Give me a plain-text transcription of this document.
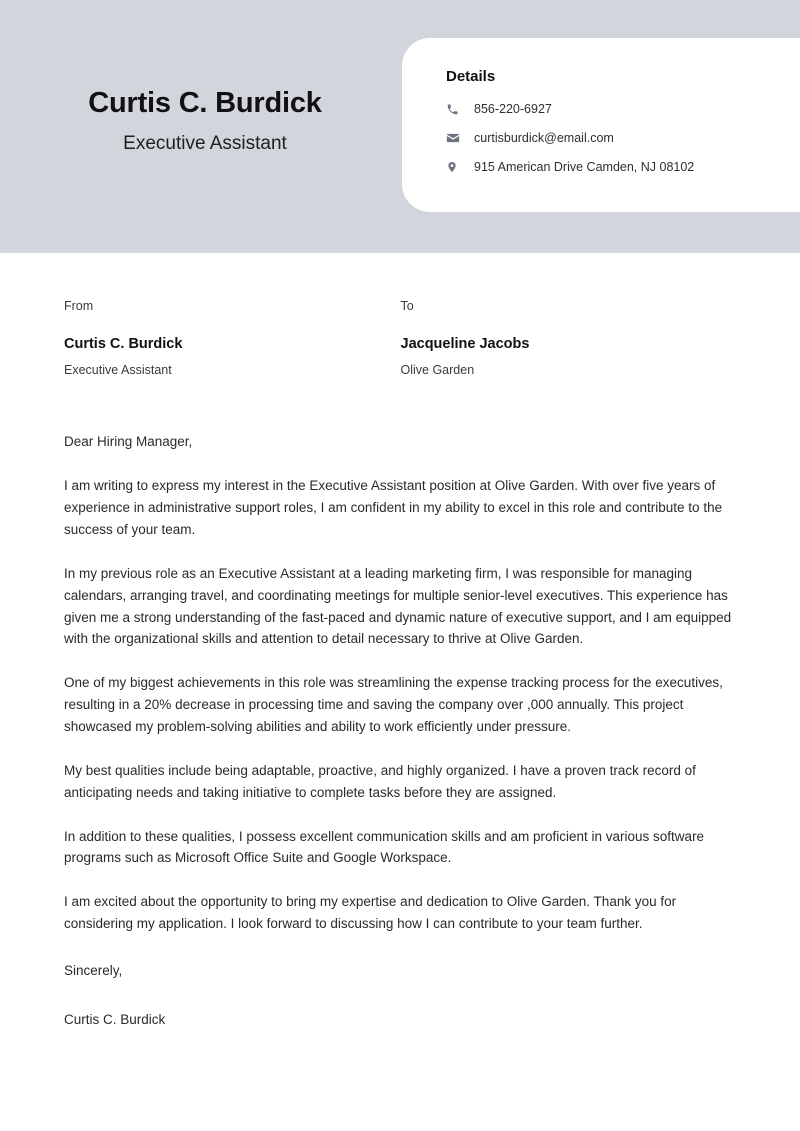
Curtis C. Burdick
Executive Assistant
Details
856-220-6927
curtisburdick@email.com
915 American Drive Camden, NJ 08102
From
Curtis C. Burdick
Executive Assistant
To
Jacqueline Jacobs
Olive Garden
Dear Hiring Manager,

I am writing to express my interest in the Executive Assistant position at Olive Garden. With over five years of experience in administrative support roles, I am confident in my ability to excel in this role and contribute to the success of your team.

In my previous role as an Executive Assistant at a leading marketing firm, I was responsible for managing calendars, arranging travel, and coordinating meetings for multiple senior-level executives. This experience has given me a strong understanding of the fast-paced and dynamic nature of executive support, and I am equipped with the organizational skills and attention to detail necessary to thrive at Olive Garden.

One of my biggest achievements in this role was streamlining the expense tracking process for the executives, resulting in a 20% decrease in processing time and saving the company over ,000 annually. This project showcased my problem-solving abilities and ability to work efficiently under pressure.

My best qualities include being adaptable, proactive, and highly organized. I have a proven track record of anticipating needs and taking initiative to complete tasks before they are assigned.

In addition to these qualities, I possess excellent communication skills and am proficient in various software programs such as Microsoft Office Suite and Google Workspace.

I am excited about the opportunity to bring my expertise and dedication to Olive Garden. Thank you for considering my application. I look forward to discussing how I can contribute to your team further.

Sincerely,
Curtis C. Burdick
